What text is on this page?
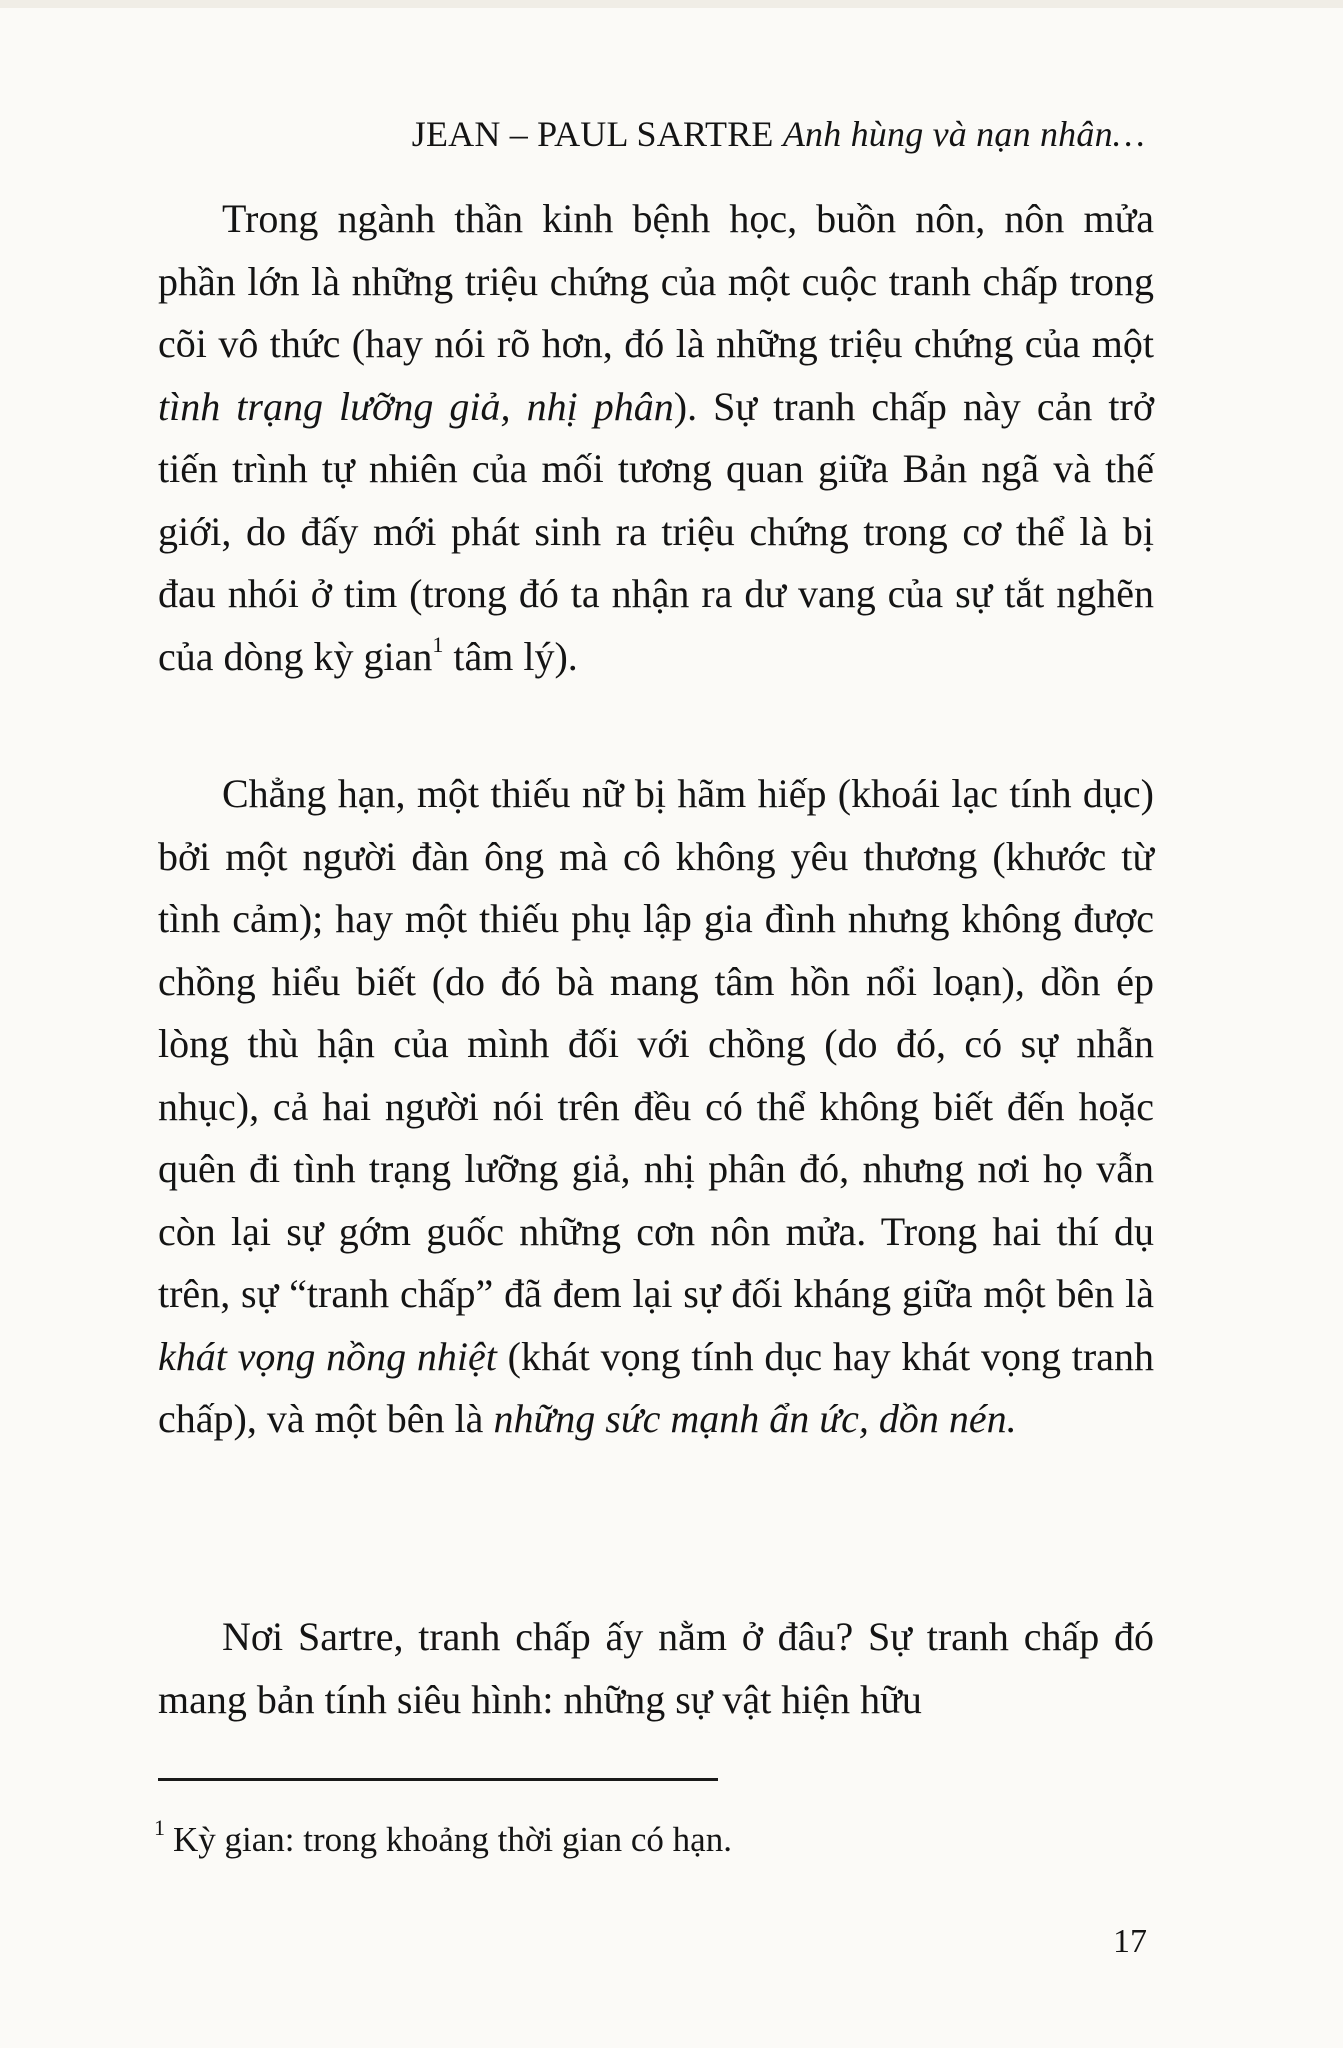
JEAN – PAUL SARTRE Anh hùng và nạn nhân…

Trong ngành thần kinh bệnh học, buồn nôn, nôn mửa phần lớn là những triệu chứng của một cuộc tranh chấp trong cõi vô thức (hay nói rõ hơn, đó là những triệu chứng của một tình trạng lưỡng giả, nhị phân). Sự tranh chấp này cản trở tiến trình tự nhiên của mối tương quan giữa Bản ngã và thế giới, do đấy mới phát sinh ra triệu chứng trong cơ thể là bị đau nhói ở tim (trong đó ta nhận ra dư vang của sự tắt nghẽn của dòng kỳ gian$^1$ tâm lý).

Chẳng hạn, một thiếu nữ bị hãm hiếp (khoái lạc tính dục) bởi một người đàn ông mà cô không yêu thương (khước từ tình cảm); hay một thiếu phụ lập gia đình nhưng không được chồng hiểu biết (do đó bà mang tâm hồn nổi loạn), dồn ép lòng thù hận của mình đối với chồng (do đó, có sự nhẫn nhục), cả hai người nói trên đều có thể không biết đến hoặc quên đi tình trạng lưỡng giả, nhị phân đó, nhưng nơi họ vẫn còn lại sự gớm guốc những cơn nôn mửa. Trong hai thí dụ trên, sự “tranh chấp” đã đem lại sự đối kháng giữa một bên là khát vọng nồng nhiệt (khát vọng tính dục hay khát vọng tranh chấp), và một bên là những sức mạnh ẩn ức, dồn nén.

Nơi Sartre, tranh chấp ấy nằm ở đâu? Sự tranh chấp đó mang bản tính siêu hình: những sự vật hiện hữu

$^1$ Kỳ gian: trong khoảng thời gian có hạn.
17
